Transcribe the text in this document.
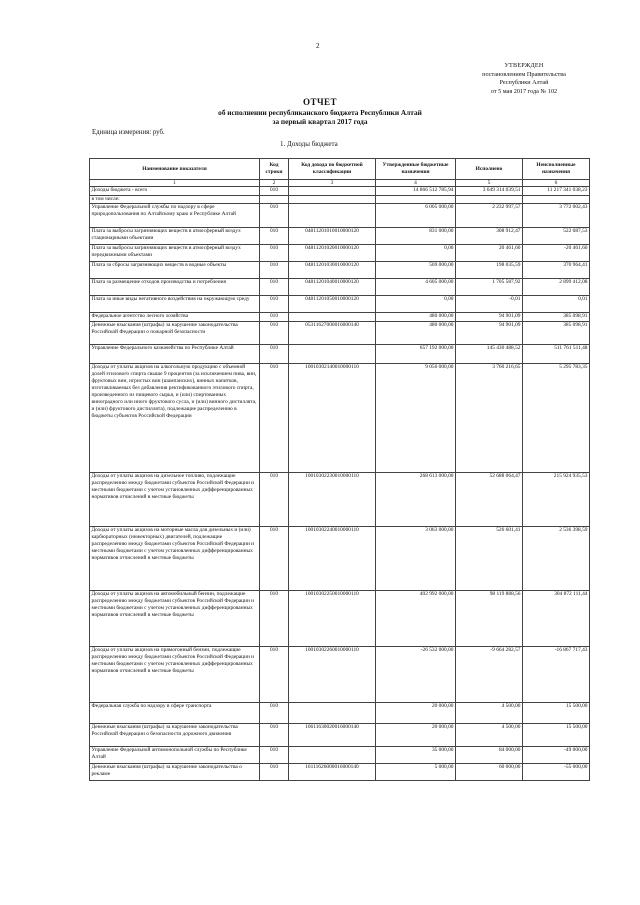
2
УТВЕРЖДЕН
постановлением Правительства
Республики Алтай
от 5 мая 2017 года № 102
ОТЧЕТ
об исполнении республиканского бюджета Республики Алтай
за первый квартал 2017 года
Единица измерения: руб.
1. Доходы бюджета
Наименование показателя	Код строки	Код дохода по бюджетной классификации	Утвержденные бюджетные назначения	Исполнено	Неисполненные назначения
1	2	3	4	5	6
Доходы бюджета - всего	010		14 866 512 785,94	3 649 314 039,51	11 217 341 038,23
в том числе:					
Управление Федеральной службы по надзору в сфере природопользования по Алтайскому краю и Республике Алтай	010		6 005 000,00	2 232 997,57	3 772 002,43
Плата за выбросы загрязняющих веществ в атмосферный воздух стационарными объектами	010	04811201010010000120	831 000,00	308 912,47	522 087,53
Плата за выбросы загрязняющих веществ в атмосферный воздух передвижными объектами	010	04811201020010000120	0,00	20 461,60	-20 461,60
Плата за сбросы загрязняющих веществ в водные объекты	010	04811201030010000120	569 000,00	198 035,59	370 964,41
Плата за размещение отходов производства и потребления	010	04811201040010000120	4 605 000,00	1 705 587,92	2 899 412,08
Плата за иные виды негативного воздействия на окружающую среду	010	04811201050010000120	0,00	-0,01	0,01
Федеральное агентство лесного хозяйства	010		480 000,00	94 901,09	385 098,91
Денежные взыскания (штрафы) за нарушение законодательства Российской Федерации о пожарной безопасности	010	05311627000016000140	480 000,00	94 901,09	385 098,91
Управление Федерального казначейства по Республике Алтай	010		657 192 000,00	145 430 488,52	511 761 511,48
Доходы от уплаты акцизов на алкогольную продукцию с объемной долей этилового спирта свыше 9 процентов (за исключением пива, вин, фруктовых вин, игристых вин (шампанских), винных напитков, изготавливаемых без добавления ректификованного этилового спирта, произведенного из пищевого сырья, и (или) спиртованных виноградного или иного фруктового сусла, и (или) винного дистиллята, и (или) фруктового дистиллята), подлежащие распределению в бюджеты субъектов Российской Федерации	010	10010302140010000110	9 056 000,00	3 760 216,65	5 295 783,35
Доходы от уплаты акцизов на дизельное топливо, подлежащие распределению между бюджетами субъектов Российской Федерации и местными бюджетами с учетом установленных дифференцированных нормативов отчислений в местные бюджеты	010	10010302230010000110	268 613 000,00	52 688 064,47	215 924 935,53
Доходы от уплаты акцизов на моторные масла для дизельных и (или) карбюраторных (инжекторных) двигателей, подлежащие распределению между бюджетами субъектов Российской Федерации и местными бюджетами с учетом установленных дифференцированных нормативов отчислений в местные бюджеты	010	10010302240010000110	3 063 000,00	526 601,41	2 536 398,59
Доходы от уплаты акцизов на автомобильный бензин, подлежащие распределению между бюджетами субъектов Российской Федерации и местными бюджетами с учетом установленных дифференцированных нормативов отчислений в местные бюджеты	010	10010302250010000110	402 992 000,00	98 119 888,56	304 872 111,44
Доходы от уплаты акцизов на прямогонный бензин, подлежащие распределению между бюджетами субъектов Российской Федерации и местными бюджетами с учетом установленных дифференцированных нормативов отчислений в местные бюджеты	010	10010302260010000110	-26 532 000,00	-9 664 282,57	-16 867 717,43
Федеральная служба по надзору в сфере транспорта	010		20 000,00	4 500,00	15 500,00
Денежные взыскания (штрафы) за нарушение законодательства Российской Федерации о безопасности дорожного движения	010	10611630020016000140	20 000,00	4 500,00	15 500,00
Управление Федеральной антимонопольной службы по Республике Алтай	010		35 000,00	84 000,00	-49 000,00
Денежные взыскания (штрафы) за нарушение законодательства о рекламе	010	16111626000016000140	5 000,00	60 000,00	-55 000,00
